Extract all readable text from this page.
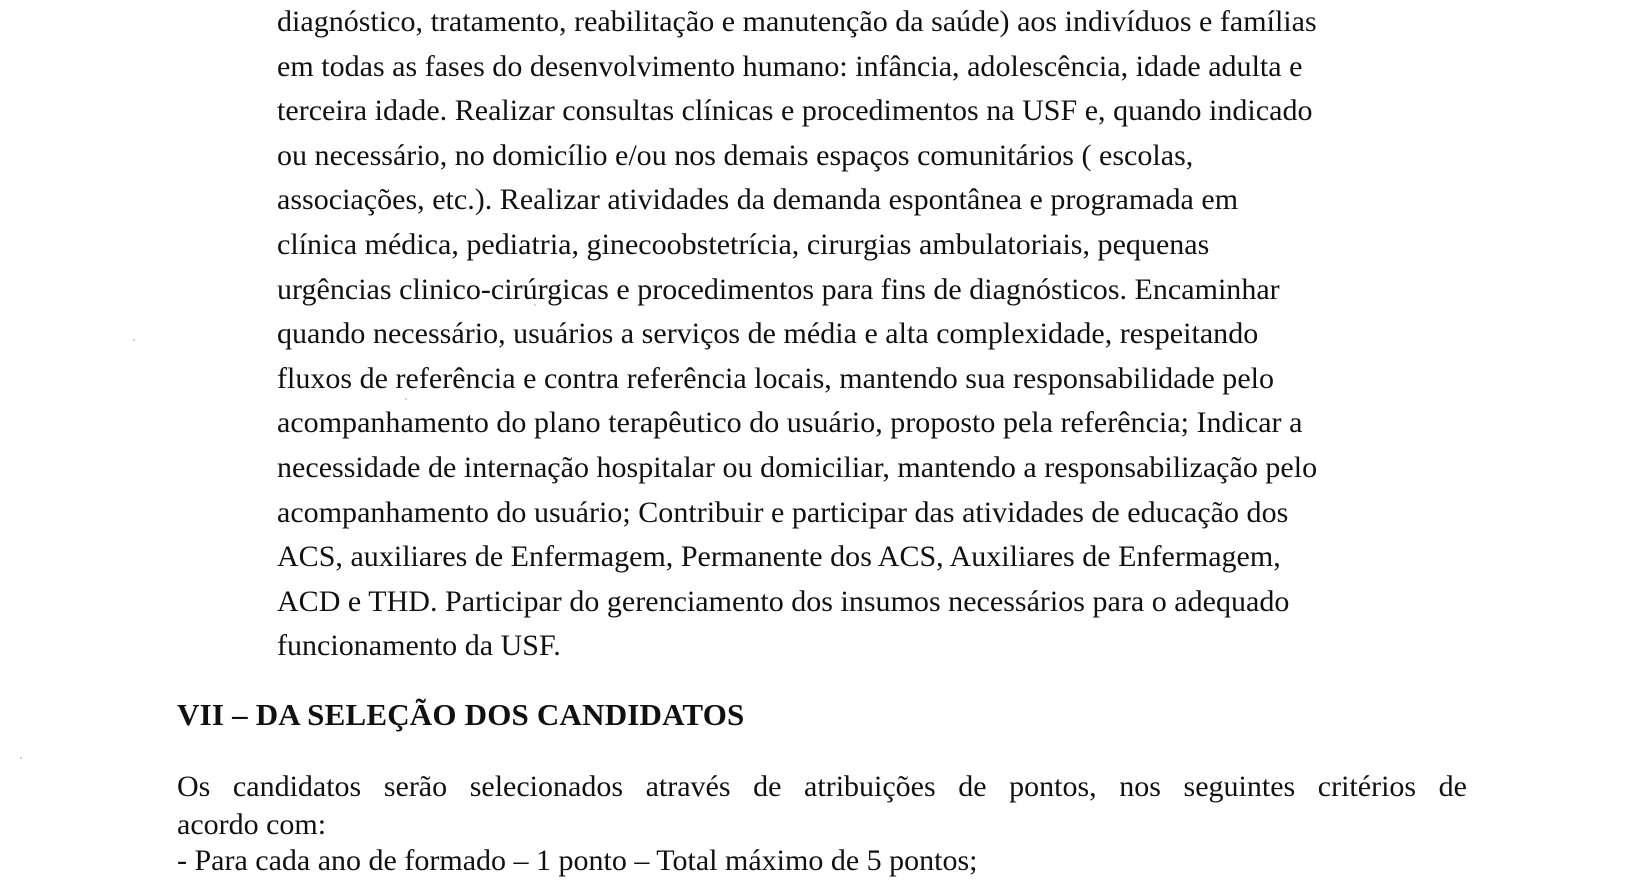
diagnóstico, tratamento, reabilitação e manutenção da saúde) aos indivíduos e famílias
em todas as fases do desenvolvimento humano: infância, adolescência, idade adulta e
terceira idade. Realizar consultas clínicas e procedimentos na USF e, quando indicado
ou necessário, no domicílio e/ou nos demais espaços comunitários ( escolas,
associações, etc.). Realizar atividades da demanda espontânea e programada em
clínica médica, pediatria, ginecoobstetrícia, cirurgias ambulatoriais, pequenas
urgências clinico-cirúrgicas e procedimentos para fins de diagnósticos. Encaminhar
quando necessário, usuários a serviços de média e alta complexidade, respeitando
fluxos de referência e contra referência locais, mantendo sua responsabilidade pelo
acompanhamento do plano terapêutico do usuário, proposto pela referência; Indicar a
necessidade de internação hospitalar ou domiciliar, mantendo a responsabilização pelo
acompanhamento do usuário; Contribuir e participar das atividades de educação dos
ACS, auxiliares de Enfermagem, Permanente dos ACS, Auxiliares de Enfermagem,
ACD e THD. Participar do gerenciamento dos insumos necessários para o adequado
funcionamento da USF.
VII – DA SELEÇÃO DOS CANDIDATOS
Os candidatos serão selecionados através de atribuições de pontos, nos seguintes critérios de
acordo com:

- Para cada ano de formado – 1 ponto – Total máximo de 5 pontos;
